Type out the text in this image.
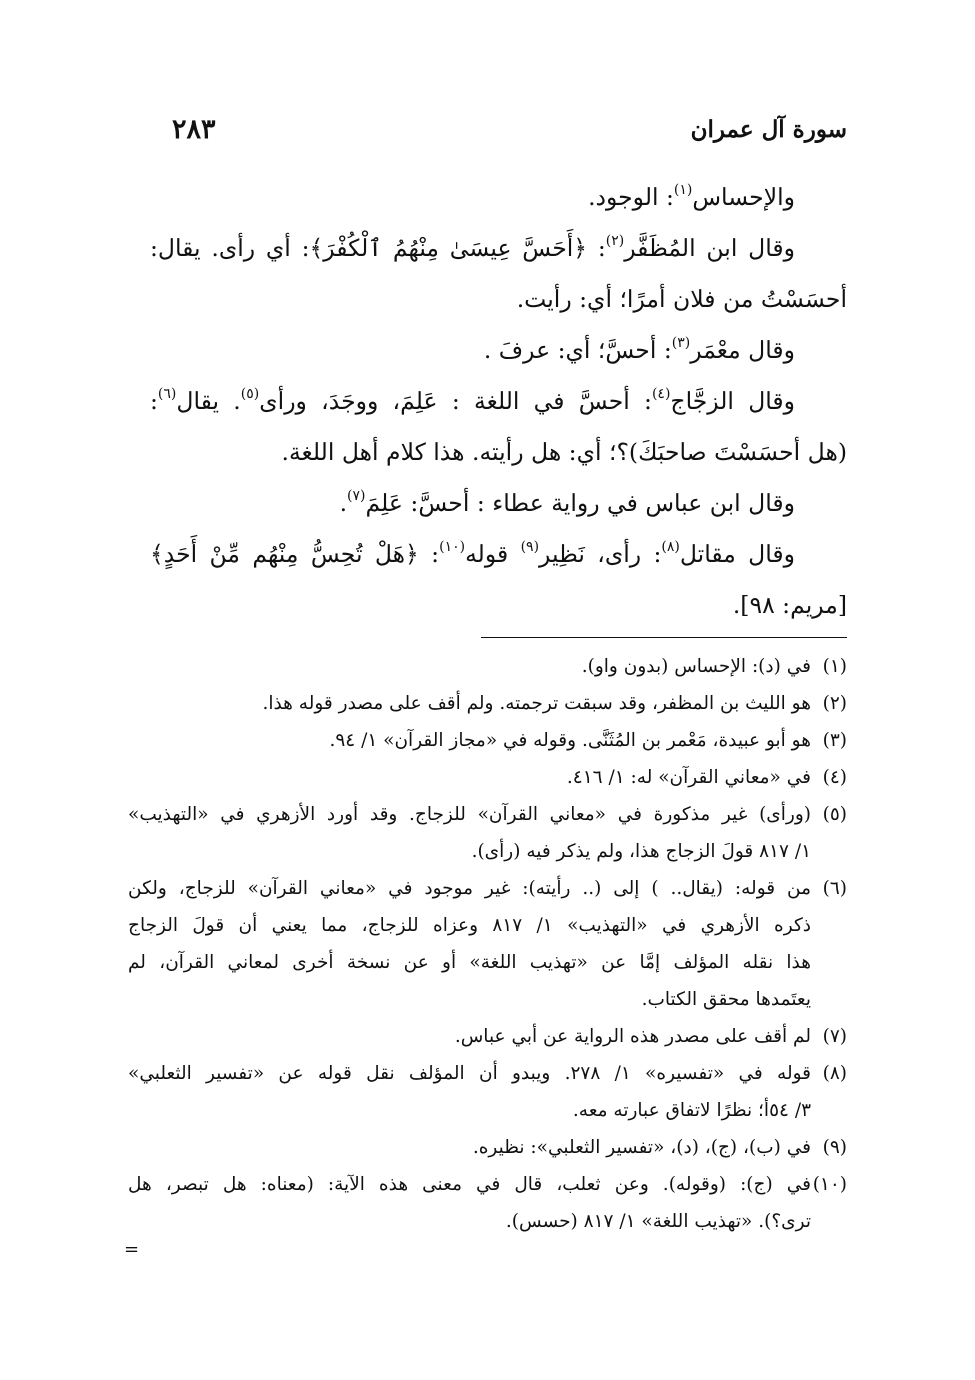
٢٨٣	سورة آل عمران
والإحساس$^{(١)}$: الوجود.
وقال ابن المُظَفَّر$^{(٢)}$: ﴿أَحَسَّ عِيسَىٰ مِنْهُمُ ٱلْكُفْرَ﴾: أي رأى. يقال:
أحسَسْتُ من فلان أمرًا؛ أي: رأيت.
وقال معْمَر$^{(٣)}$: أحسَّ؛ أي: عرفَ .
وقال الزجَّاج$^{(٤)}$: أحسَّ في اللغة : عَلِمَ، ووجَدَ، ورأى$^{(٥)}$. يقال$^{(٦)}$:
(هل أحسَسْتَ صاحبَكَ)؟؛ أي: هل رأيته. هذا كلام أهل اللغة.
وقال ابن عباس في رواية عطاء : أحسَّ: عَلِمَ$^{(٧)}$.
وقال مقاتل$^{(٨)}$: رأى، نَظِير$^{(٩)}$ قوله$^{(١٠)}$: ﴿هَلْ تُحِسُّ مِنْهُم مِّنْ أَحَدٍ﴾
[مريم: ٩٨].
(١)
في (د): الإحساس (بدون واو).
(٢)
هو الليث بن المظفر، وقد سبقت ترجمته. ولم أقف على مصدر قوله هذا.
(٣)
هو أبو عبيدة، مَعْمر بن المُثَنَّى. وقوله في «مجاز القرآن» ١/ ٩٤.
(٤)
في «معاني القرآن» له: ١/ ٤١٦.
(٥)
(ورأى) غير مذكورة في «معاني القرآن» للزجاج. وقد أورد الأزهري في «التهذيب»
١/ ٨١٧ قولَ الزجاج هذا، ولم يذكر فيه (رأى).
(٦)
من قوله: (يقال.. ) إلى (.. رأيته): غير موجود في «معاني القرآن» للزجاج، ولكن
ذكره الأزهري في «التهذيب» ١/ ٨١٧ وعزاه للزجاج، مما يعني أن قولَ الزجاج
هذا نقله المؤلف إمَّا عن «تهذيب اللغة» أو عن نسخة أخرى لمعاني القرآن، لم
يعتَمدها محقق الكتاب.
(٧)
لم أقف على مصدر هذه الرواية عن أبي عباس.
(٨)
قوله في «تفسيره» ١/ ٢٧٨. ويبدو أن المؤلف نقل قوله عن «تفسير الثعلبي»
٣/ ٥٤أ؛ نظرًا لاتفاق عبارته معه.
(٩)
في (ب)، (ج)، (د)، «تفسير الثعلبي»: نظيره.
(١٠)
في (ج): (وقوله). وعن ثعلب، قال في معنى هذه الآية: (معناه: هل تبصر، هل
ترى؟). «تهذيب اللغة» ١/ ٨١٧ (حسس).
=
